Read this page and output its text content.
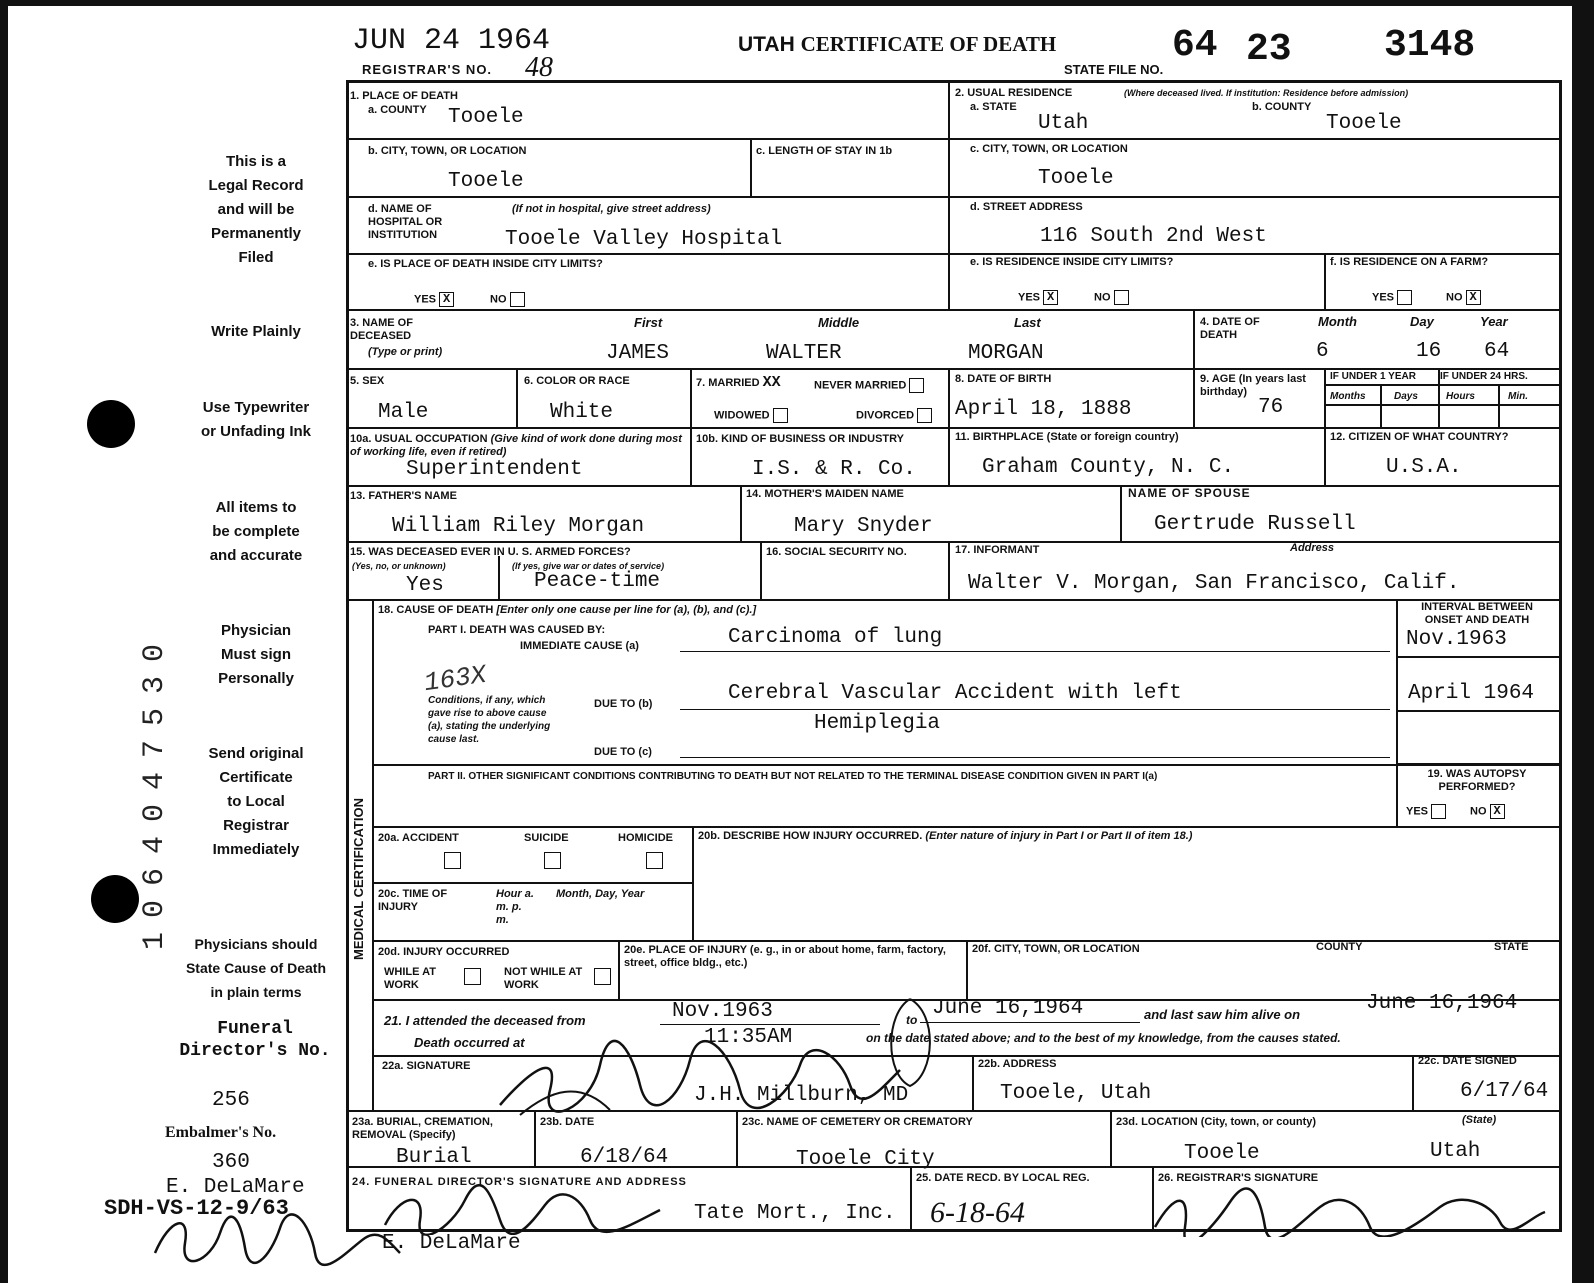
JUN 24 1964
REGISTRAR'S NO. 48
UTAH CERTIFICATE OF DEATH
STATE FILE NO.
64 23 3148
This is a
Legal Record
and will be
Permanently
Filed
Write Plainly
Use Typewriter
or Unfading Ink
All items to
be complete
and accurate
Physician
Must sign
Personally
Send original
Certificate
to Local
Registrar
Immediately
Physicians should
State Cause of Death
in plain terms
Funeral
Director's No.
256
Embalmer's No.
360
E. DeLaMare
SDH-VS-12-9/63
1064047530
1. PLACE OF DEATH
a. COUNTY Tooele
2. USUAL RESIDENCE	(Where deceased lived. If institution: Residence before admission)
a. STATE
Utah
b. COUNTY
Tooele
b. CITY, TOWN, OR LOCATION
Tooele
c. LENGTH OF STAY IN 1b	c. CITY, TOWN, OR LOCATION
Tooele
d. NAME OF HOSPITAL OR INSTITUTION
(If not in hospital, give street address)
Tooele Valley Hospital
d. STREET ADDRESS
116 South 2nd West
e. IS PLACE OF DEATH INSIDE CITY LIMITS?
YES X	NO
e. IS RESIDENCE INSIDE CITY LIMITS?
YES X	NO
f. IS RESIDENCE ON A FARM?
YES	NO X
3. NAME OF DECEASED
(Type or print)
First	Middle	Last
JAMES	WALTER	MORGAN
4. DATE OF DEATH
Month	Day	Year
6	16 64
5. SEX
Male
6. COLOR OR RACE
White
7. MARRIED XX	NEVER MARRIED
WIDOWED	DIVORCED
8. DATE OF BIRTH
April 18, 1888
9. AGE (In years last birthday)
76
IF UNDER 1 YEAR IF UNDER 24 HRS.
Months	Days	Hours	Min.
10a. USUAL OCCUPATION (Give kind of work done during most of working life, even if retired)
Superintendent
10b. KIND OF BUSINESS OR INDUSTRY
I.S. & R. Co.
11. BIRTHPLACE (State or foreign country)
Graham County, N. C.
12. CITIZEN OF WHAT COUNTRY?
U.S.A.
13. FATHER'S NAME
William Riley Morgan
14. MOTHER'S MAIDEN NAME
Mary Snyder
NAME OF SPOUSE
Gertrude Russell
15. WAS DECEASED EVER IN U. S. ARMED FORCES?
(Yes, no, or unknown)	(If yes, give war or dates of service)
Yes	Peace-time
16. SOCIAL SECURITY NO.	17. INFORMANT	Address
Walter V. Morgan, San Francisco, Calif.
MEDICAL CERTIFICATION
18. CAUSE OF DEATH [Enter only one cause per line for (a), (b), and (c).]
PART I. DEATH WAS CAUSED BY:
IMMEDIATE CAUSE (a)	Carcinoma of lung
INTERVAL BETWEEN ONSET AND DEATH
Nov.1963
163X
Conditions, if any, which gave rise to above cause (a), stating the underlying cause last.
DUE TO (b)	Cerebral Vascular Accident with left
Hemiplegia
April 1964
DUE TO (c)
PART II. OTHER SIGNIFICANT CONDITIONS CONTRIBUTING TO DEATH BUT NOT RELATED TO THE TERMINAL DISEASE CONDITION GIVEN IN PART I(a)	19. WAS AUTOPSY PERFORMED?
YES	NO X
20a. ACCIDENT	SUICIDE	HOMICIDE 20b. DESCRIBE HOW INJURY OCCURRED. (Enter nature of injury in Part I or Part II of item 18.)
20c. TIME OF INJURY
Hour a. m. p. m.
Month, Day, Year
20d. INJURY OCCURRED
WHILE AT WORK
NOT WHILE AT WORK
20e. PLACE OF INJURY (e. g., in or about home, farm, factory, street, office bldg., etc.)
20f. CITY, TOWN, OR LOCATION	COUNTY	STATE
21. I attended the deceased from	Nov.1963	to June 16,1964	and last saw him alive on	June 16,1964
Death occurred at	11:35AM	on the date stated above; and to the best of my knowledge, from the causes stated.
22a. SIGNATURE
J.H. Millburn, MD
22b. ADDRESS
Tooele, Utah
22c. DATE SIGNED
6/17/64
23a. BURIAL, CREMATION, REMOVAL (Specify)
Burial
23b. DATE
6/18/64
23c. NAME OF CEMETERY OR CREMATORY
Tooele City
23d. LOCATION (City, town, or county)	(State)
Tooele	Utah
24. FUNERAL DIRECTOR'S SIGNATURE AND ADDRESS
Tate Mort., Inc.
25. DATE RECD. BY LOCAL REG.
6-18-64
26. REGISTRAR'S SIGNATURE
E. DeLaMare
